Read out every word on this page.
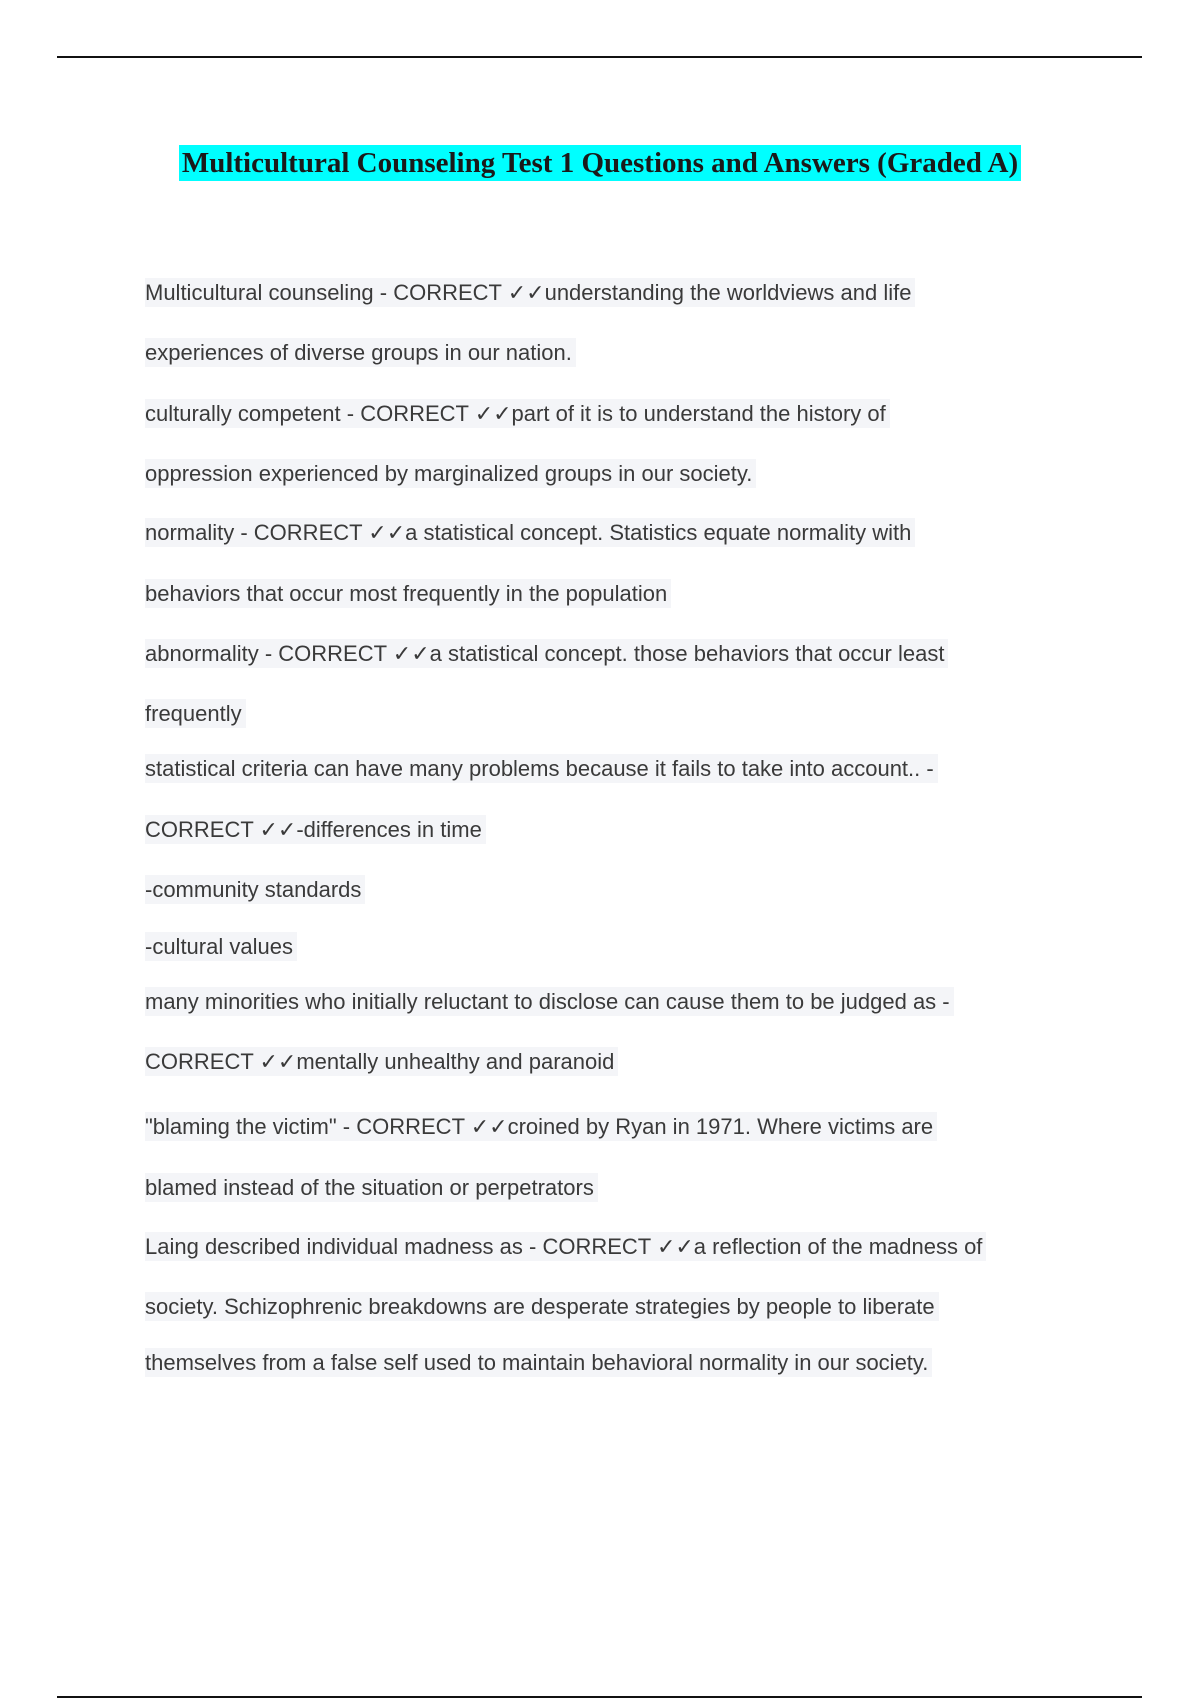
Multicultural Counseling Test 1 Questions and Answers (Graded A)
Multicultural counseling - CORRECT ✓✓understanding the worldviews and life
experiences of diverse groups in our nation.
culturally competent - CORRECT ✓✓part of it is to understand the history of
oppression experienced by marginalized groups in our society.
normality - CORRECT ✓✓a statistical concept. Statistics equate normality with
behaviors that occur most frequently in the population
abnormality - CORRECT ✓✓a statistical concept. those behaviors that occur least
frequently
statistical criteria can have many problems because it fails to take into account.. -
CORRECT ✓✓-differences in time
-community standards
-cultural values
many minorities who initially reluctant to disclose can cause them to be judged as -
CORRECT ✓✓mentally unhealthy and paranoid
"blaming the victim" - CORRECT ✓✓croined by Ryan in 1971. Where victims are
blamed instead of the situation or perpetrators
Laing described individual madness as - CORRECT ✓✓a reflection of the madness of
society. Schizophrenic breakdowns are desperate strategies by people to liberate
themselves from a false self used to maintain behavioral normality in our society.
